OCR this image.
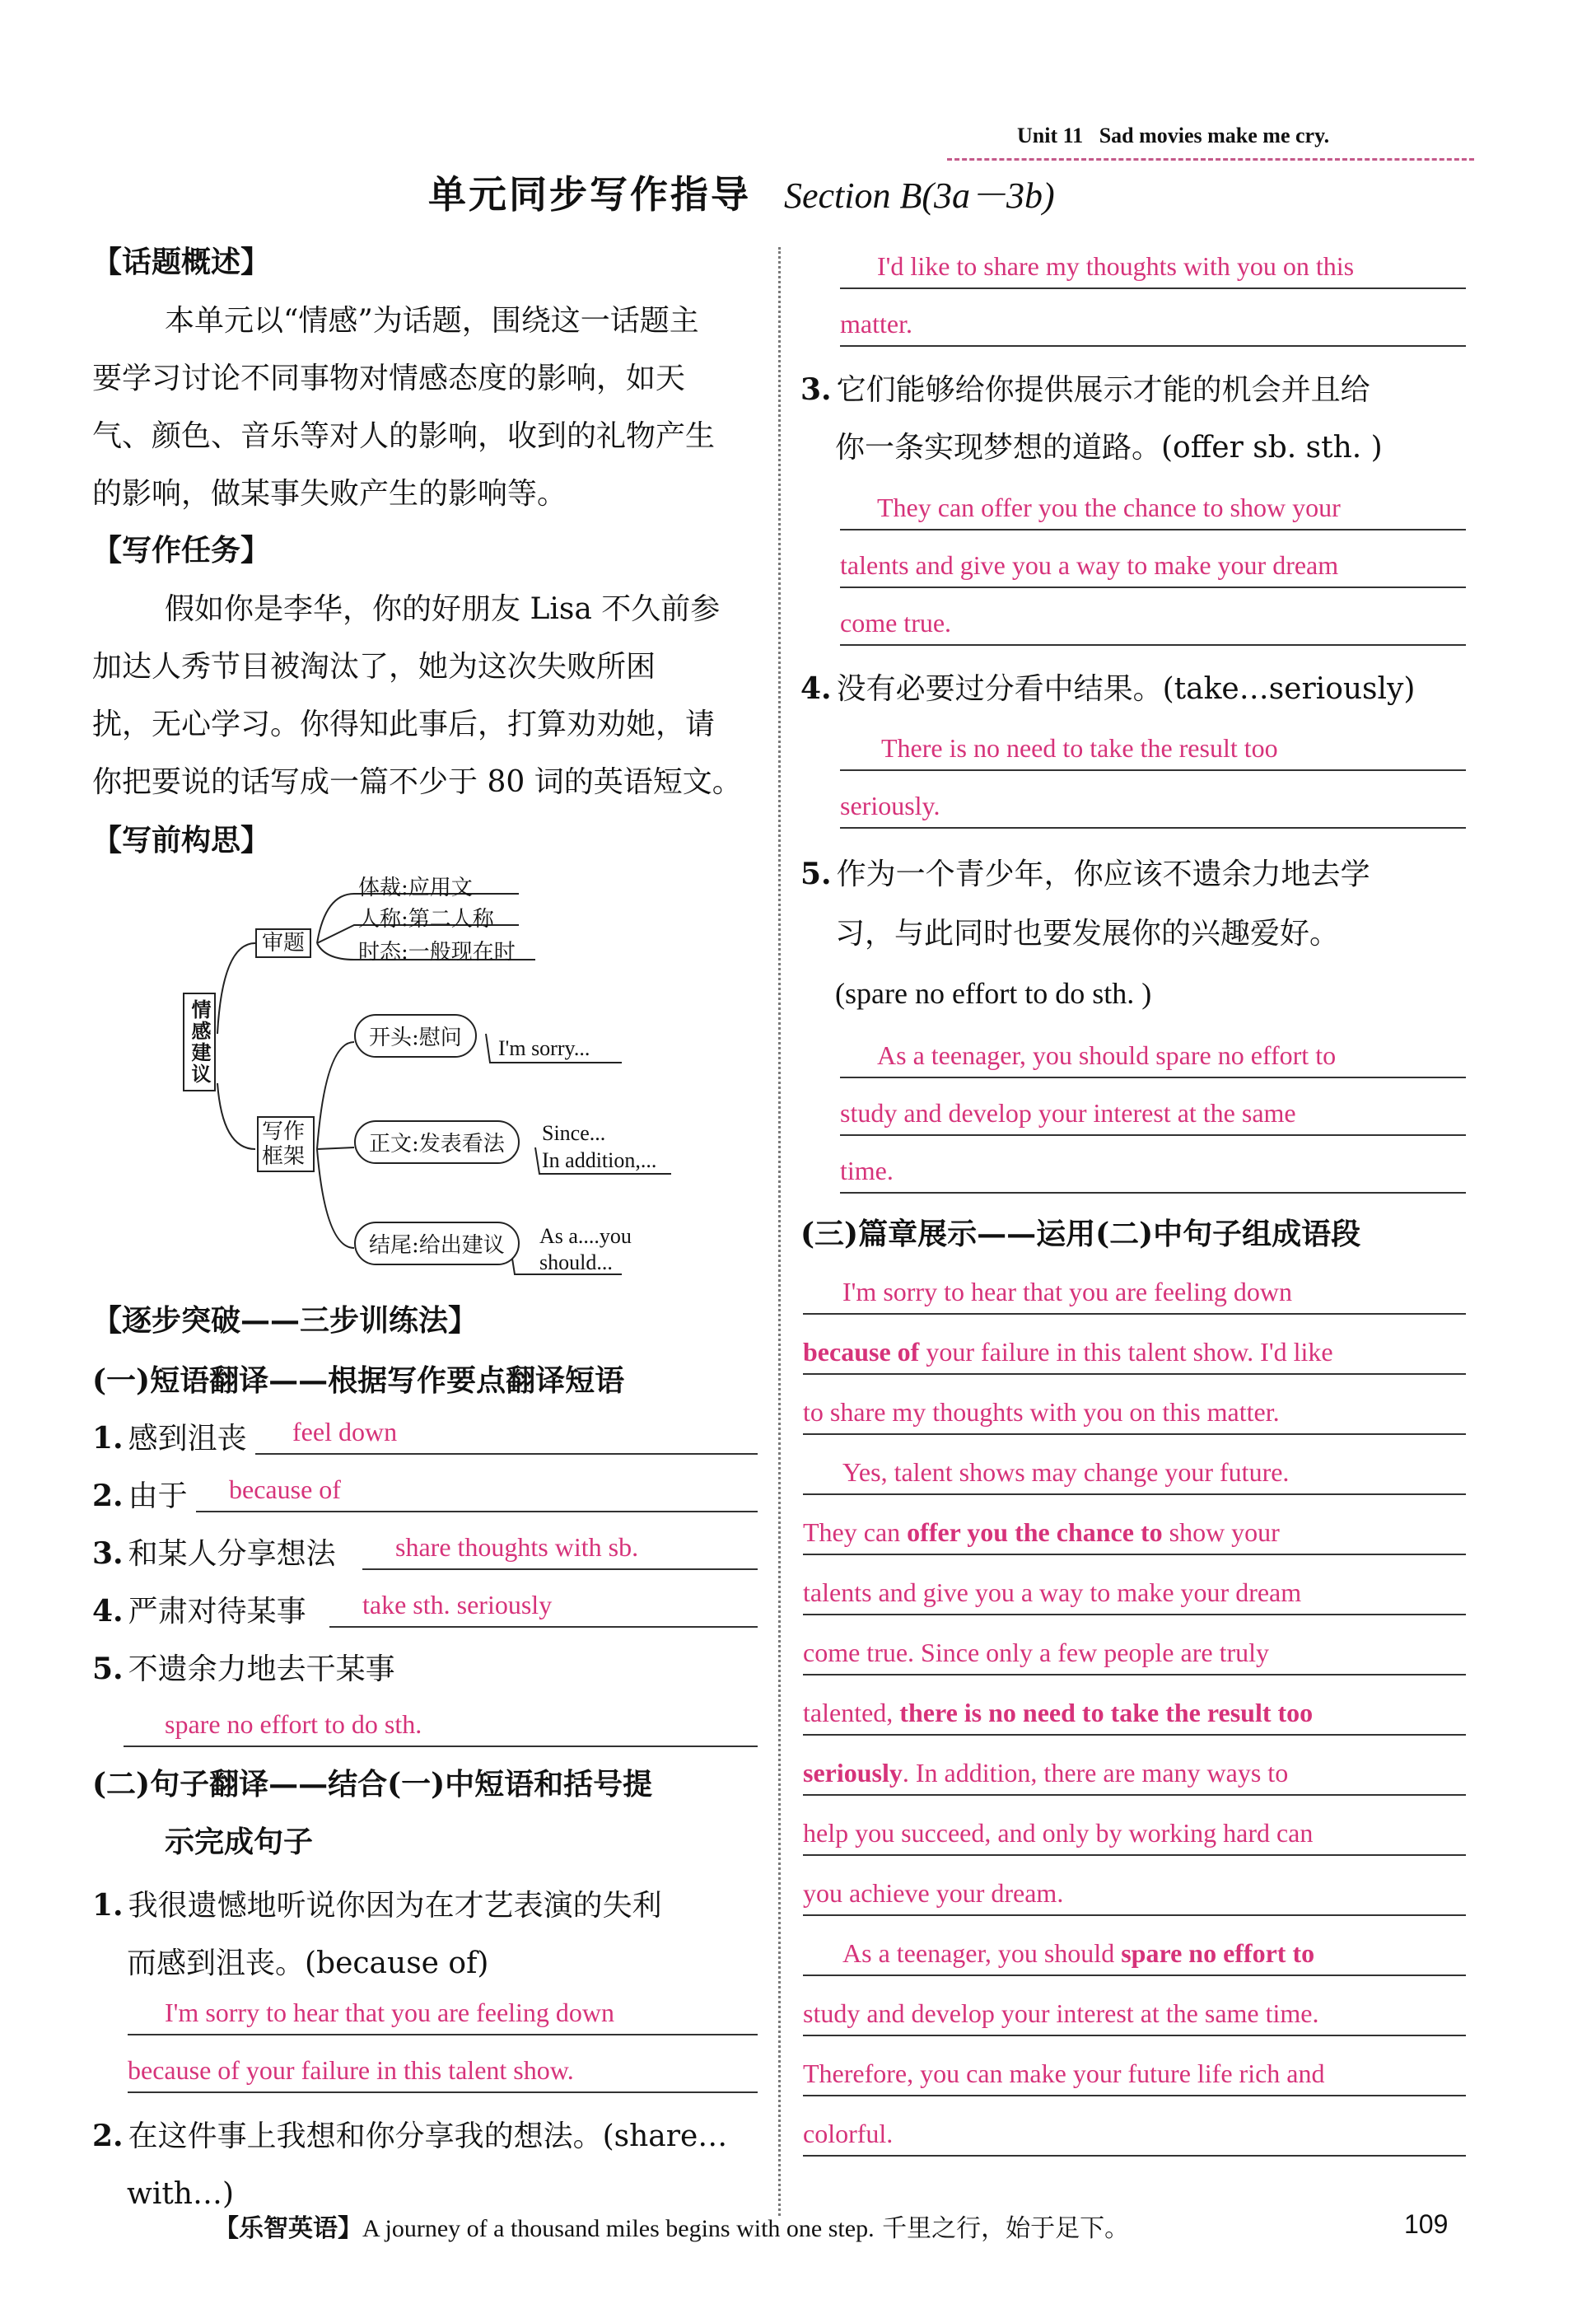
Unit 11 Sad movies make me cry.
单元同步写作指导 Section B(3a－3b)
【话题概述】
本单元以“情感”为话题，围绕这一话题主
要学习讨论不同事物对情感态度的影响，如天
气、颜色、音乐等对人的影响，收到的礼物产生
的影响，做某事失败产生的影响等。
【写作任务】
假如你是李华，你的好朋友 Lisa 不久前参
加达人秀节目被淘汰了，她为这次失败所困
扰，无心学习。你得知此事后，打算劝劝她，请
你把要说的话写成一篇不少于 80 词的英语短文。
【写前构思】
情感建议
审题
体裁:应用文
人称:第二人称
时态:一般现在时
写作框架
开头:慰问	I'm sorry...
正文:发表看法	Since...
In addition,...
结尾:给出建议	As a....you
should...
【逐步突破——三步训练法】
(一)短语翻译——根据写作要点翻译短语
1. 感到沮丧	feel down
2. 由于	because of
3. 和某人分享想法	share thoughts with sb.
4. 严肃对待某事	take sth. seriously
5. 不遗余力地去干某事
spare no effort to do sth.
(二)句子翻译——结合(一)中短语和括号提
示完成句子
1. 我很遗憾地听说你因为在才艺表演的失利
而感到沮丧。(because of)
I'm sorry to hear that you are feeling down
because of your failure in this talent show.
2. 在这件事上我想和你分享我的想法。(share…
with…)
I'd like to share my thoughts with you on this
matter.
3. 它们能够给你提供展示才能的机会并且给
你一条实现梦想的道路。(offer sb. sth. )
They can offer you the chance to show your
talents and give you a way to make your dream
come true.
4. 没有必要过分看中结果。(take…seriously)
There is no need to take the result too
seriously.
5. 作为一个青少年，你应该不遗余力地去学
习，与此同时也要发展你的兴趣爱好。
(spare no effort to do sth. )
As a teenager, you should spare no effort to
study and develop your interest at the same
time.
(三)篇章展示——运用(二)中句子组成语段
I'm sorry to hear that you are feeling down
because of your failure in this talent show. I'd like
to share my thoughts with you on this matter.
Yes, talent shows may change your future.
They can offer you the chance to show your
talents and give you a way to make your dream
come true. Since only a few people are truly
talented, there is no need to take the result too
seriously. In addition, there are many ways to
help you succeed, and only by working hard can
you achieve your dream.
As a teenager, you should spare no effort to
study and develop your interest at the same time.
Therefore, you can make your future life rich and
colorful.
【乐智英语】A journey of a thousand miles begins with one step. 千里之行，始于足下。	109
